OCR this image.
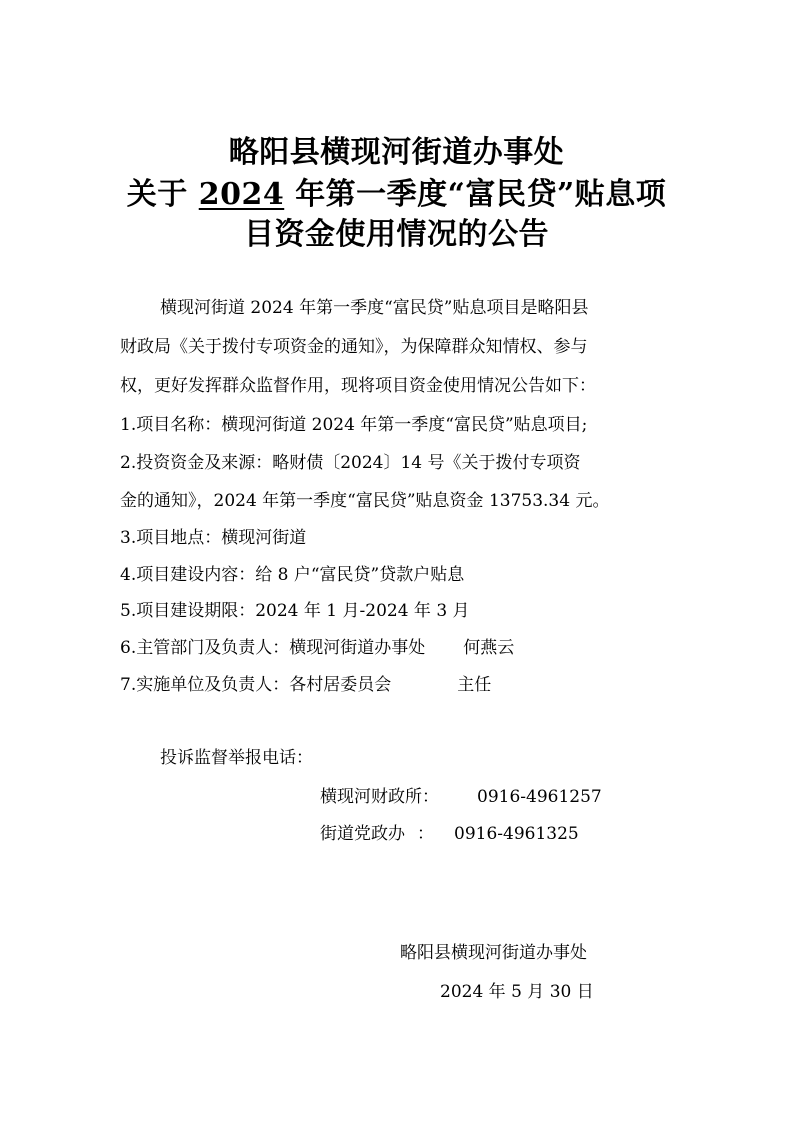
略阳县横现河街道办事处
关于 2024 年第一季度“富民贷”贴息项
目资金使用情况的公告
横现河街道 2024 年第一季度“富民贷”贴息项目是略阳县
财政局《关于拨付专项资金的通知》，为保障群众知情权、参与
权，更好发挥群众监督作用，现将项目资金使用情况公告如下：
1.项目名称：横现河街道 2024 年第一季度“富民贷”贴息项目;
2.投资资金及来源：略财债〔2024〕14 号《关于拨付专项资
金的通知》，2024 年第一季度“富民贷”贴息资金 13753.34 元。
3.项目地点：横现河街道
4.项目建设内容：给 8 户“富民贷”贷款户贴息
5.项目建设期限：2024 年 1 月-2024 年 3 月
6.主管部门及负责人：横现河街道办事处 何燕云
7.实施单位及负责人：各村居委员会	主任
投诉监督举报电话：
横现河财政所： 0916-4961257
街道党政办 ： 0916-4961325
略阳县横现河街道办事处
2024 年 5 月 30 日
